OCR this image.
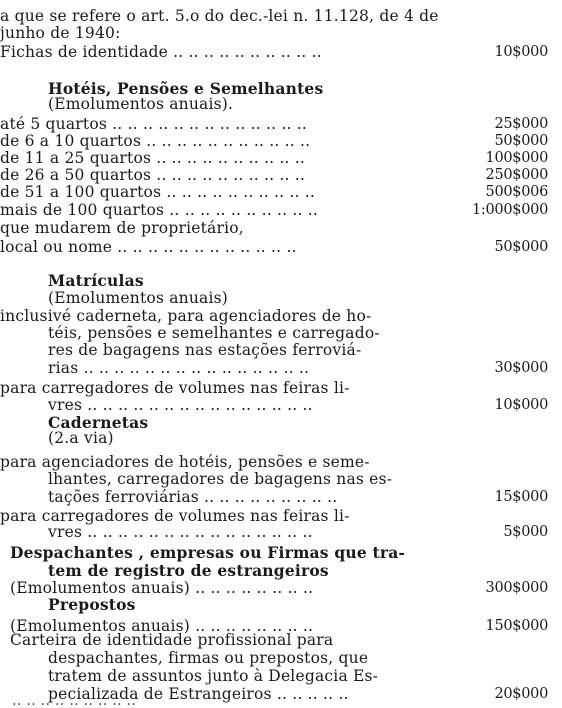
a que se refere o art. 5.o do dec.-lei n. 11.128, de 4 de
junho de 1940:
Fichas de identidade .. .. .. .. .. .. .. .. .. ..	10$000
Hotéis, Pensões e Semelhantes
(Emolumentos anuais).
até 5 quartos .. .. .. .. .. .. .. .. .. .. .. .. ..	25$000
de 6 a 10 quartos .. .. .. .. .. .. .. .. .. .. ..	50$000
de 11 a 25 quartos .. .. .. .. .. .. .. .. .. ..	100$000
de 26 a 50 quartos .. .. .. .. .. .. .. .. .. ..	250$000
de 51 a 100 quartos .. .. .. .. .. .. .. .. .. ..	500$006
mais de 100 quartos .. .. .. .. .. .. .. .. .. ..	1:000$000
que mudarem de proprietário,
local ou nome .. .. .. .. .. .. .. .. .. .. .. ..	50$000
Matrículas
(Emolumentos anuais)
inclusivé caderneta, para agenciadores de ho-
téis, pensões e semelhantes e carregado-
res de bagagens nas estações ferroviá-
rias .. .. .. .. .. .. .. .. .. .. .. .. .. .. ..	30$000
para carregadores de volumes nas feiras li-
vres .. .. .. .. .. .. .. .. .. .. .. .. .. .. ..	10$000
Cadernetas
(2.a via)
para agenciadores de hotéis, pensões e seme-
lhantes, carregadores de bagagens nas es-
tações ferroviárias .. .. .. .. .. .. .. .. ..	15$000
para carregadores de volumes nas feiras li-
vres .. .. .. .. .. .. .. .. .. .. .. .. .. .. ..	5$000
Despachantes , empresas ou Firmas que tra-
tem de registro de estrangeiros
(Emolumentos anuais) .. .. .. .. .. .. .. ..	300$000
Prepostos
(Emolumentos anuais) .. .. .. .. .. .. .. ..	150$000
Carteira de identidade profissional para
despachantes, firmas ou prepostos, que
tratem de assuntos junto à Delegacia Es-
pecializada de Estrangeiros .. .. .. .. ..	20$000
